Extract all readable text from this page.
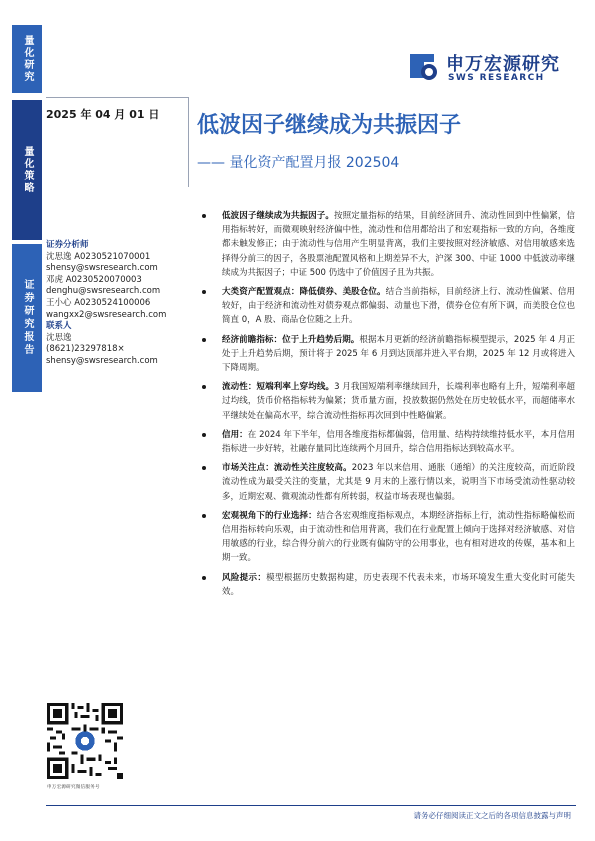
量化研究
量化策略
证券研究报告
申万宏源研究
SWS RESEARCH
2025 年 04 月 01 日 低波因子继续成为共振因子
—— 量化资产配置月报 202504
证券分析师
沈思逸 A0230521070001
shensy@swsresearch.com
邓虎 A0230520070003
denghu@swsresearch.com
王小心 A0230524100006
wangxx2@swsresearch.com
联系人
沈思逸
(8621)23297818×
shensy@swsresearch.com
低波因子继续成为共振因子。按照定量指标的结果，目前经济回升、流动性回到中性偏紧，信用指标转好，而微观映射经济偏中性，流动性和信用都给出了和宏观指标一致的方向，各维度都未触发修正；由于流动性与信用产生明显背离，我们主要按照对经济敏感、对信用敏感来选择得分前三的因子，各股票池配置风格和上期差异不大，沪深 300、中证 1000 中低波动率继续成为共振因子；中证 500 仍选中了价值因子且为共振。
大类资产配置观点：降低债券、美股仓位。结合当前指标，目前经济上行、流动性偏紧、信用较好，由于经济和流动性对债券观点都偏弱、动量也下滑，债券仓位有所下调，而美股仓位也简直 0，A 股、商品仓位随之上升。
经济前瞻指标：位于上升趋势后期。根据本月更新的经济前瞻指标模型提示，2025 年 4 月正处于上升趋势后期，预计将于 2025 年 6 月到达顶部并进入平台期，2025 年 12 月或将进入下降周期。
流动性：短端利率上穿均线。3 月我国短端利率继续回升，长端利率也略有上升，短端利率超过均线，货币价格指标转为偏紧；货币量方面，投放数据仍然处在历史较低水平，而超储率水平继续处在偏高水平，综合流动性指标再次回到中性略偏紧。
信用：在 2024 年下半年，信用各维度指标都偏弱，信用量、结构持续维持低水平，本月信用指标进一步好转，社融存量同比连续两个月回升，综合信用指标达到较高水平。
市场关注点：流动性关注度较高。2023 年以来信用、通胀（通缩）的关注度较高，而近阶段流动性成为最受关注的变量，尤其是 9 月末的上涨行情以来，说明当下市场受流动性驱动较多，近期宏观、微观流动性都有所转弱，权益市场表现也偏弱。
宏观视角下的行业选择：结合各宏观维度指标观点，本期经济指标上行，流动性指标略偏松而信用指标转向乐观，由于流动性和信用背离，我们在行业配置上倾向于选择对经济敏感、对信用敏感的行业，综合得分前六的行业既有偏防守的公用事业，也有相对进攻的传媒，基本和上期一致。
风险提示：模型根据历史数据构建，历史表现不代表未来，市场环境发生重大变化时可能失效。
申万宏源研究微信服务号
请务必仔细阅读正文之后的各项信息披露与声明
